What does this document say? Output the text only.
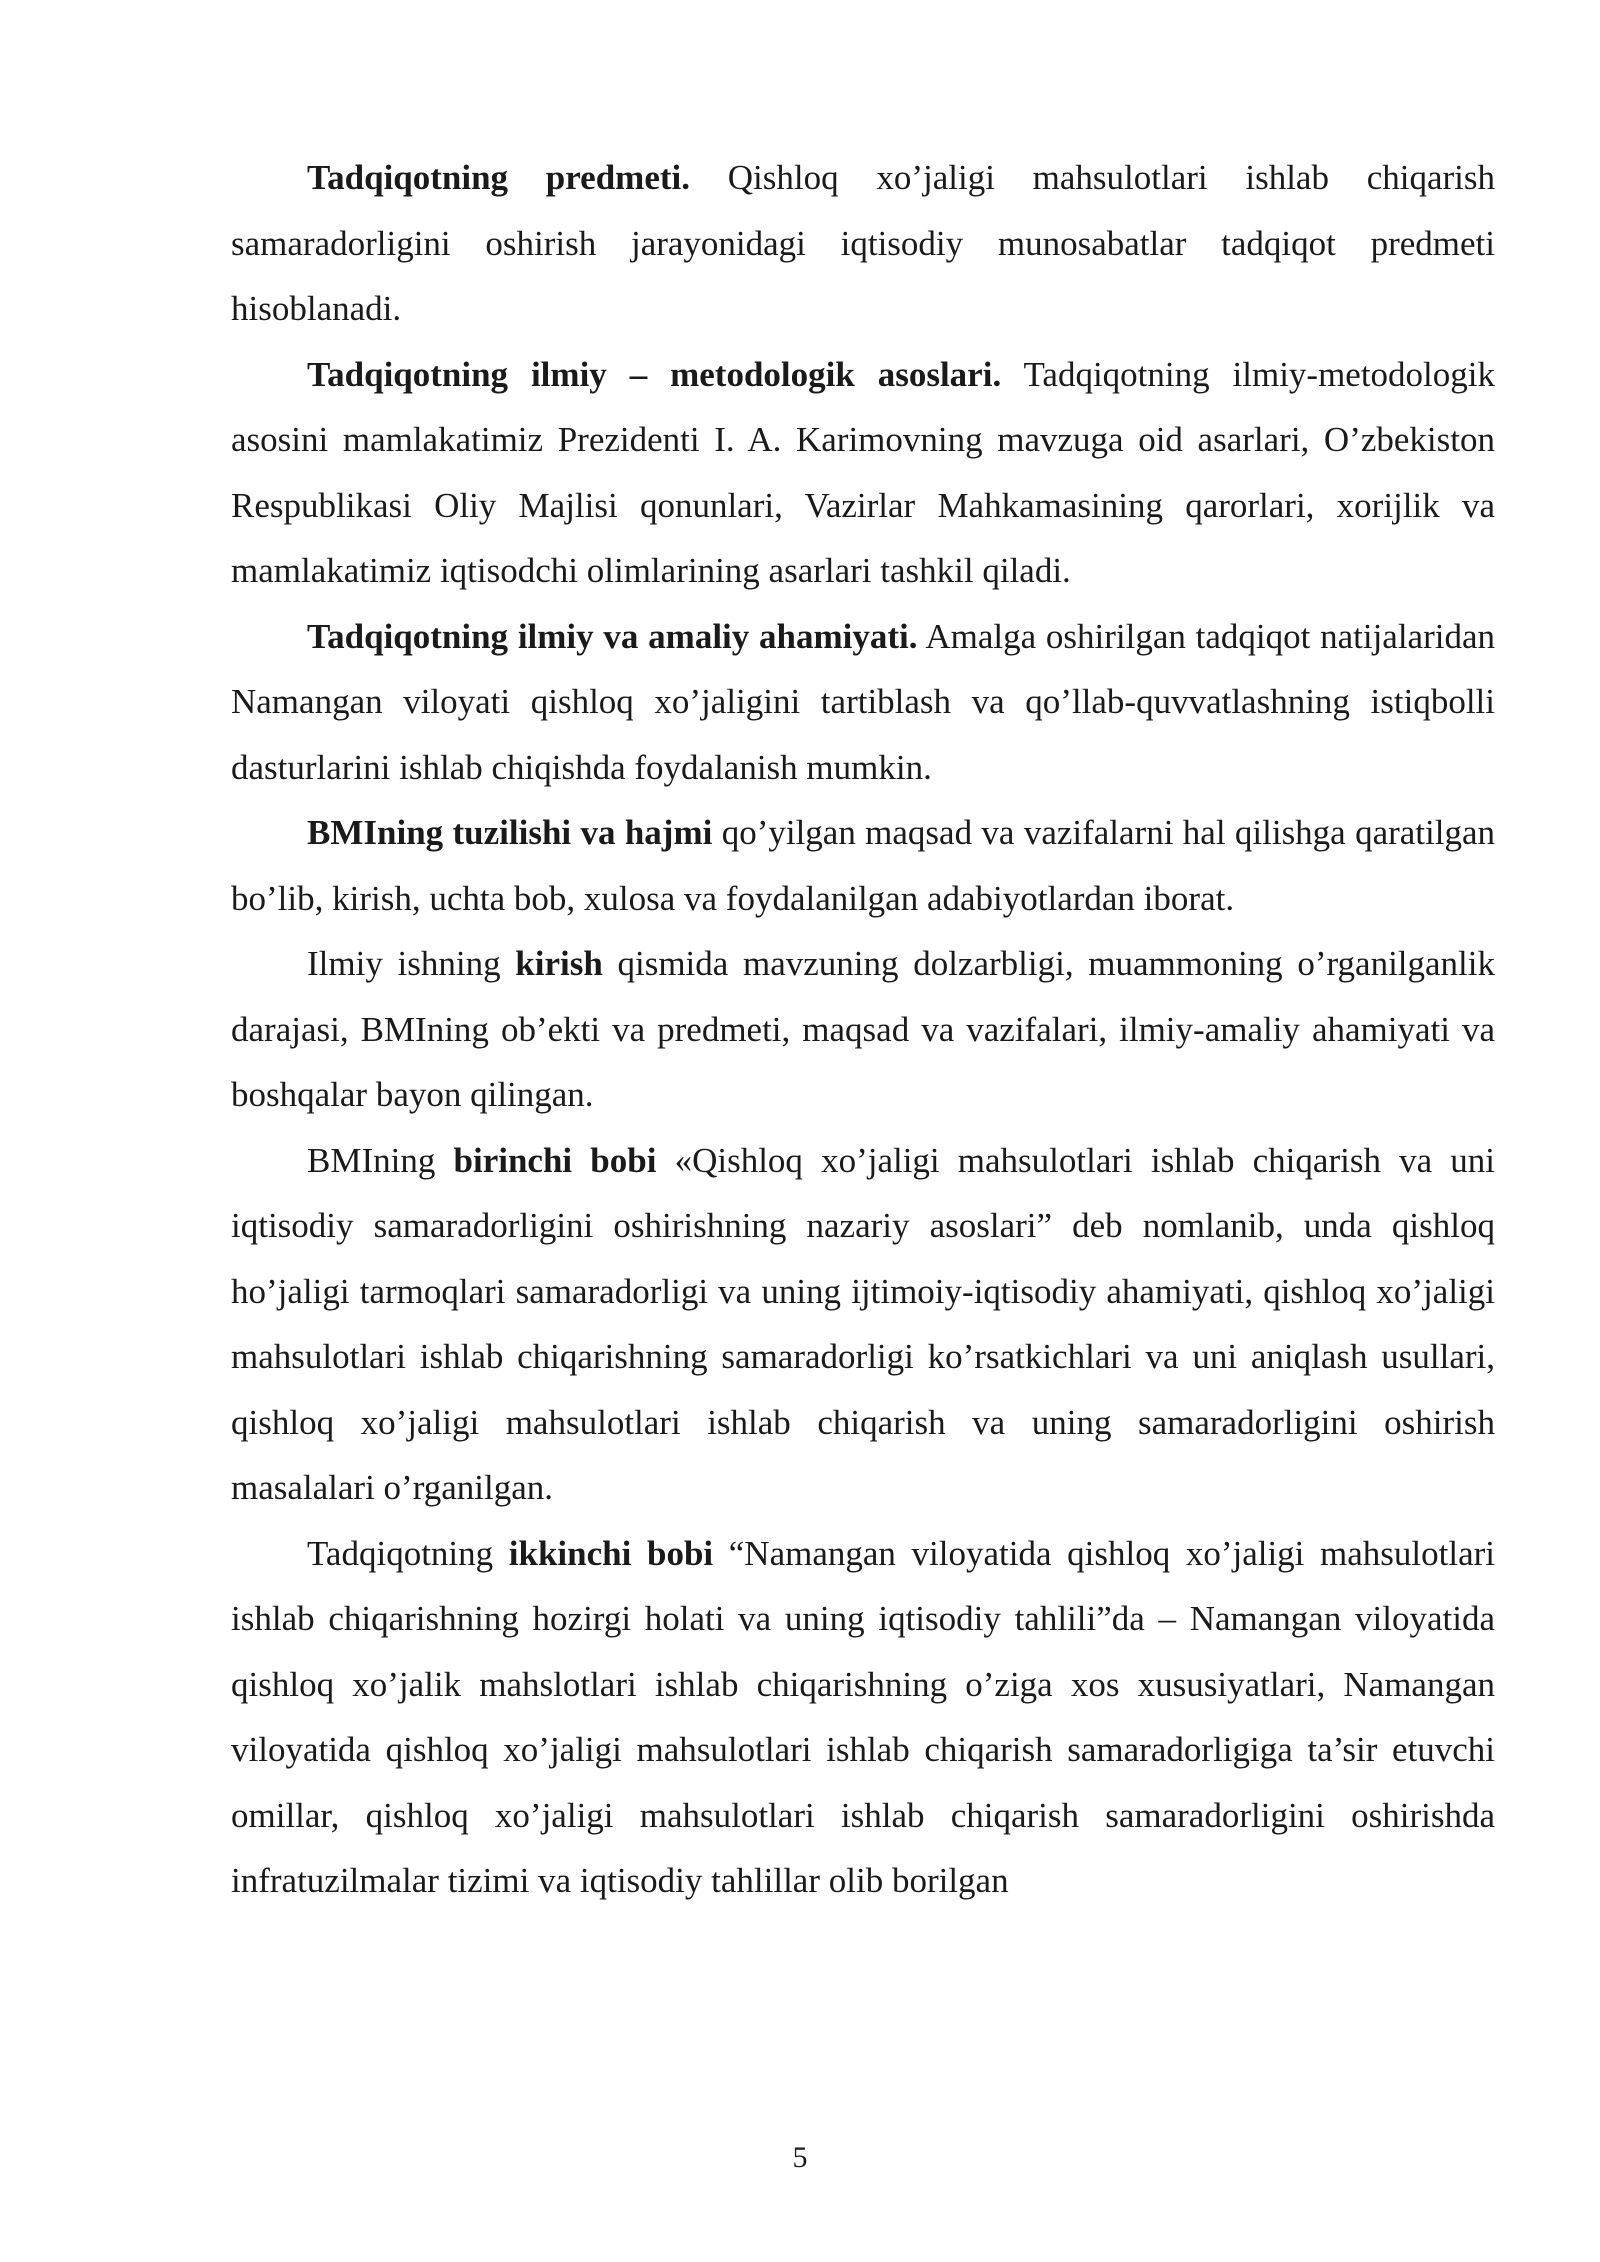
Tadqiqotning predmeti. Qishloq xo’jaligi mahsulotlari ishlab chiqarish samaradorligini oshirish jarayonidagi iqtisodiy munosabatlar tadqiqot predmeti hisoblanadi.

Tadqiqotning ilmiy – metodologik asoslari. Tadqiqotning ilmiy-metodologik asosini mamlakatimiz Prezidenti I. A. Karimovning mavzuga oid asarlari, O’zbekiston Respublikasi Oliy Majlisi qonunlari, Vazirlar Mahkamasining qarorlari, xorijlik va mamlakatimiz iqtisodchi olimlarining asarlari tashkil qiladi.

Tadqiqotning ilmiy va amaliy ahamiyati. Amalga oshirilgan tadqiqot natijalaridan Namangan viloyati qishloq xo’jaligini tartiblash va qo’llab-quvvatlashning istiqbolli dasturlarini ishlab chiqishda foydalanish mumkin.

BMIning tuzilishi va hajmi qo’yilgan maqsad va vazifalarni hal qilishga qaratilgan bo’lib, kirish, uchta bob, xulosa va foydalanilgan adabiyotlardan iborat.

Ilmiy ishning kirish qismida mavzuning dolzarbligi, muammoning o’rganilganlik darajasi, BMIning ob’ekti va predmeti, maqsad va vazifalari, ilmiy-amaliy ahamiyati va boshqalar bayon qilingan.

BMIning birinchi bobi «Qishloq xo’jaligi mahsulotlari ishlab chiqarish va uni iqtisodiy samaradorligini oshirishning nazariy asoslari” deb nomlanib, unda qishloq ho’jaligi tarmoqlari samaradorligi va uning ijtimoiy-iqtisodiy ahamiyati, qishloq xo’jaligi mahsulotlari ishlab chiqarishning samaradorligi ko’rsatkichlari va uni aniqlash usullari, qishloq xo’jaligi mahsulotlari ishlab chiqarish va uning samaradorligini oshirish masalalari o’rganilgan.

Tadqiqotning ikkinchi bobi “Namangan viloyatida qishloq xo’jaligi mahsulotlari ishlab chiqarishning hozirgi holati va uning iqtisodiy tahlili”da – Namangan viloyatida qishloq xo’jalik mahslotlari ishlab chiqarishning o’ziga xos xususiyatlari, Namangan viloyatida qishloq xo’jaligi mahsulotlari ishlab chiqarish samaradorligiga ta’sir etuvchi omillar, qishloq xo’jaligi mahsulotlari ishlab chiqarish samaradorligini oshirishda infratuzilmalar tizimi va iqtisodiy tahlillar olib borilgan

5
